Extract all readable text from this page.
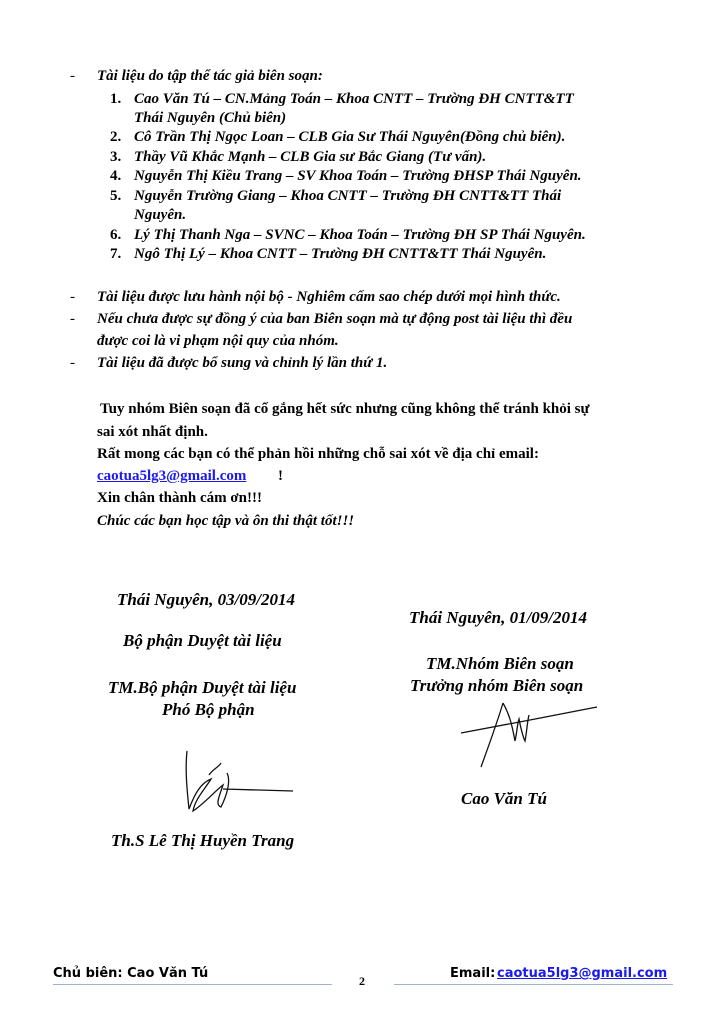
- Tài liệu do tập thể tác giả biên soạn:
1. Cao Văn Tú – CN.Mảng Toán – Khoa CNTT – Trường ĐH CNTT&TT
Thái Nguyên (Chủ biên)
2. Cô Trần Thị Ngọc Loan – CLB Gia Sư Thái Nguyên(Đồng chủ biên).
3. Thầy Vũ Khắc Mạnh – CLB Gia sư Bắc Giang (Tư vấn).
4. Nguyễn Thị Kiều Trang – SV Khoa Toán – Trường ĐHSP Thái Nguyên.
5. Nguyễn Trường Giang – Khoa CNTT – Trường ĐH CNTT&TT Thái
Nguyên.
6. Lý Thị Thanh Nga – SVNC – Khoa Toán – Trường ĐH SP Thái Nguyên.
7. Ngô Thị Lý – Khoa CNTT – Trường ĐH CNTT&TT Thái Nguyên.
- Tài liệu được lưu hành nội bộ - Nghiêm cấm sao chép dưới mọi hình thức.
- Nếu chưa được sự đồng ý của ban Biên soạn mà tự động post tài liệu thì đều
được coi là vi phạm nội quy của nhóm.
- Tài liệu đã được bổ sung và chỉnh lý lần thứ 1.
Tuy nhóm Biên soạn đã cố gắng hết sức nhưng cũng không thể tránh khỏi sự
sai xót nhất định.
Rất mong các bạn có thể phản hồi những chỗ sai xót về địa chỉ email:
caotua5lg3@gmail.com !
Xin chân thành cám ơn!!!
Chúc các bạn học tập và ôn thi thật tốt!!!
Thái Nguyên, 03/09/2014
Bộ phận Duyệt tài liệu
TM.Bộ phận Duyệt tài liệu
Phó Bộ phận
Th.S Lê Thị Huyền Trang
Thái Nguyên, 01/09/2014
TM.Nhóm Biên soạn
Trưởng nhóm Biên soạn
Cao Văn Tú
Chủ biên: Cao Văn Tú	Email: caotua5lg3@gmail.com
2
